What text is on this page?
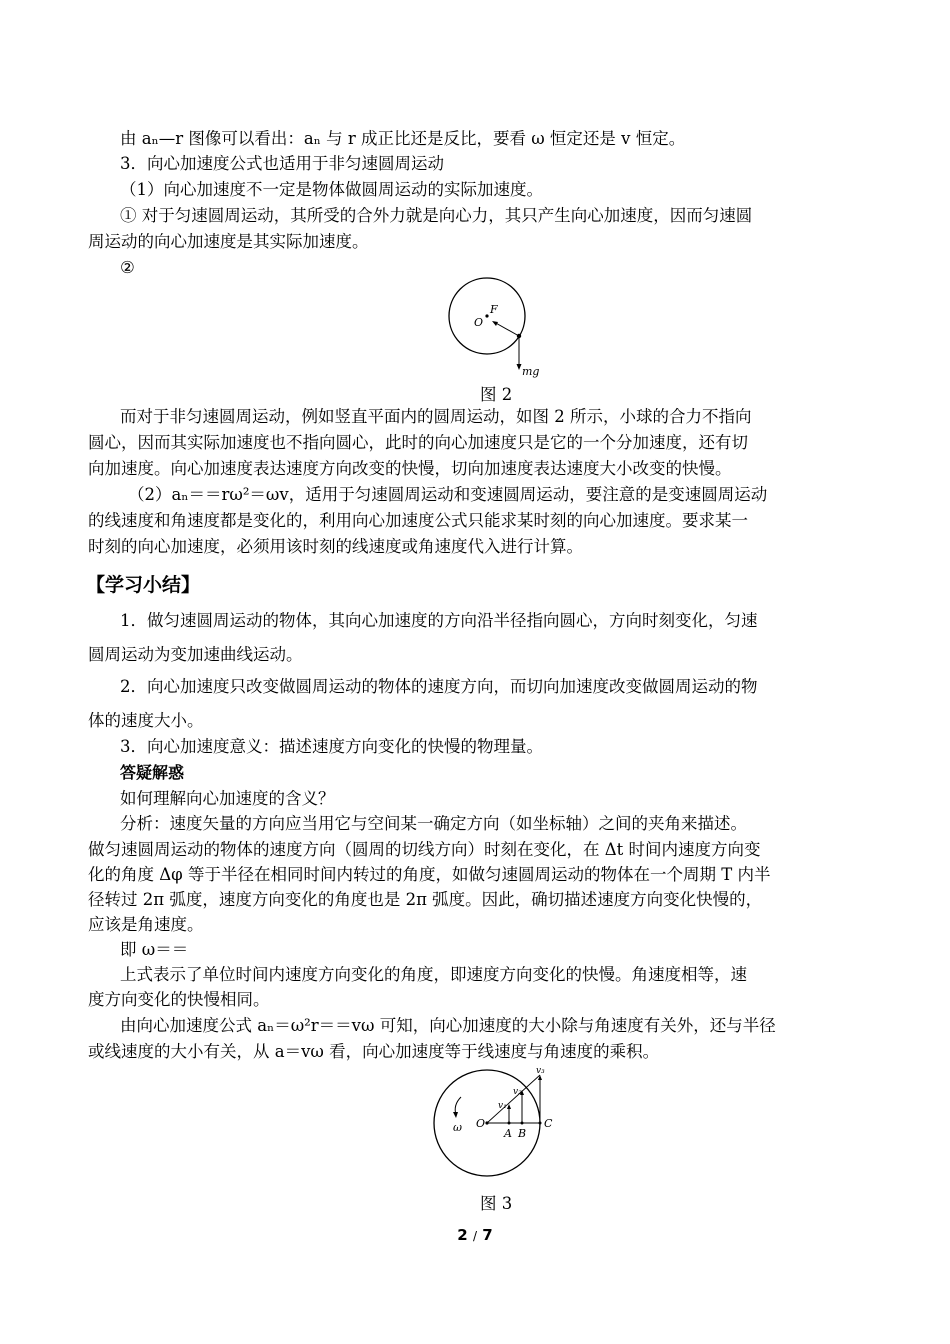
由 aₙ—r 图像可以看出：aₙ 与 r 成正比还是反比，要看 ω 恒定还是 v 恒定。
3．向心加速度公式也适用于非匀速圆周运动
（1）向心加速度不一定是物体做圆周运动的实际加速度。
① 对于匀速圆周运动，其所受的合外力就是向心力，其只产生向心加速度，因而匀速圆
周运动的向心加速度是其实际加速度。
②
O
F
mg
图 2
而对于非匀速圆周运动，例如竖直平面内的圆周运动，如图 2 所示，小球的合力不指向
圆心，因而其实际加速度也不指向圆心，此时的向心加速度只是它的一个分加速度，还有切
向加速度。向心加速度表达速度方向改变的快慢，切向加速度表达速度大小改变的快慢。
（2）aₙ＝＝rω²＝ωv，适用于匀速圆周运动和变速圆周运动，要注意的是变速圆周运动
的线速度和角速度都是变化的，利用向心加速度公式只能求某时刻的向心加速度。要求某一
时刻的向心加速度，必须用该时刻的线速度或角速度代入进行计算。
【学习小结】
1．做匀速圆周运动的物体，其向心加速度的方向沿半径指向圆心，方向时刻变化，匀速
圆周运动为变加速曲线运动。
2．向心加速度只改变做圆周运动的物体的速度方向，而切向加速度改变做圆周运动的物
体的速度大小。
3．向心加速度意义：描述速度方向变化的快慢的物理量。
答疑解惑
如何理解向心加速度的含义？
分析：速度矢量的方向应当用它与空间某一确定方向（如坐标轴）之间的夹角来描述。
做匀速圆周运动的物体的速度方向（圆周的切线方向）时刻在变化，在 Δt 时间内速度方向变
化的角度 Δφ 等于半径在相同时间内转过的角度，如做匀速圆周运动的物体在一个周期 T 内半
径转过 2π 弧度，速度方向变化的角度也是 2π 弧度。因此，确切描述速度方向变化快慢的，
应该是角速度。
即 ω＝＝
上式表示了单位时间内速度方向变化的角度，即速度方向变化的快慢。角速度相等，速
度方向变化的快慢相同。
由向心加速度公式 aₙ＝ω²r＝＝vω 可知，向心加速度的大小除与角速度有关外，还与半径
或线速度的大小有关，从 a＝vω 看，向心加速度等于线速度与角速度的乘积。
ω O
A B
C
v₁
v₂
v₃
图 3
2 / 7
